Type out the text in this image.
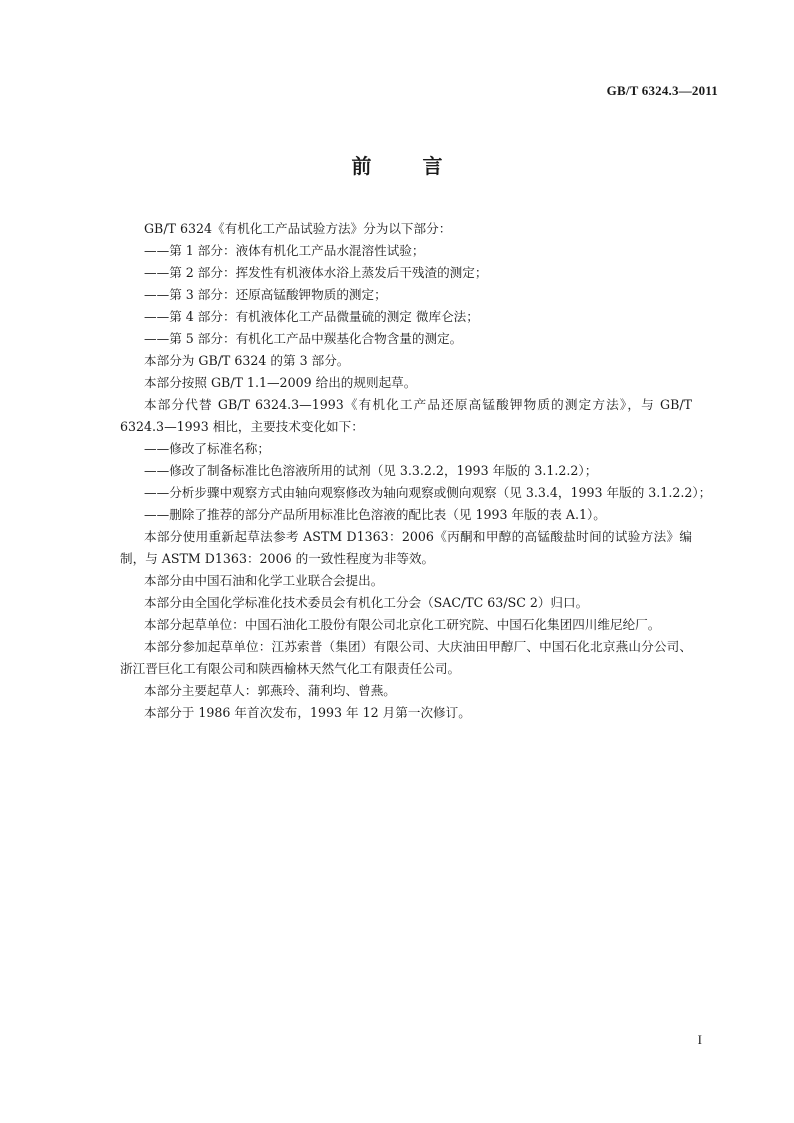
GB/T 6324.3—2011
前 言

GB/T 6324《有机化工产品试验方法》分为以下部分：

——第 1 部分：液体有机化工产品水混溶性试验；

——第 2 部分：挥发性有机液体水浴上蒸发后干残渣的测定；

——第 3 部分：还原高锰酸钾物质的测定；

——第 4 部分：有机液体化工产品微量硫的测定 微库仑法；

——第 5 部分：有机化工产品中羰基化合物含量的测定。

本部分为 GB/T 6324 的第 3 部分。

本部分按照 GB/T 1.1—2009 给出的规则起草。

本部分代替 GB/T 6324.3—1993《有机化工产品还原高锰酸钾物质的测定方法》，与 GB/T 6324.3—1993 相比，主要技术变化如下：

——修改了标准名称；

——修改了制备标准比色溶液所用的试剂（见 3.3.2.2，1993 年版的 3.1.2.2）；

——分析步骤中观察方式由轴向观察修改为轴向观察或侧向观察（见 3.3.4，1993 年版的 3.1.2.2）；

——删除了推荐的部分产品所用标准比色溶液的配比表（见 1993 年版的表 A.1）。

本部分使用重新起草法参考 ASTM D1363：2006《丙酮和甲醇的高锰酸盐时间的试验方法》编制，与 ASTM D1363：2006 的一致性程度为非等效。

本部分由中国石油和化学工业联合会提出。

本部分由全国化学标准化技术委员会有机化工分会（SAC/TC 63/SC 2）归口。

本部分起草单位：中国石油化工股份有限公司北京化工研究院、中国石化集团四川维尼纶厂。

本部分参加起草单位：江苏索普（集团）有限公司、大庆油田甲醇厂、中国石化北京燕山分公司、浙江晋巨化工有限公司和陕西榆林天然气化工有限责任公司。

本部分主要起草人：郭燕玲、蒲利均、曾燕。

本部分于 1986 年首次发布，1993 年 12 月第一次修订。

I
